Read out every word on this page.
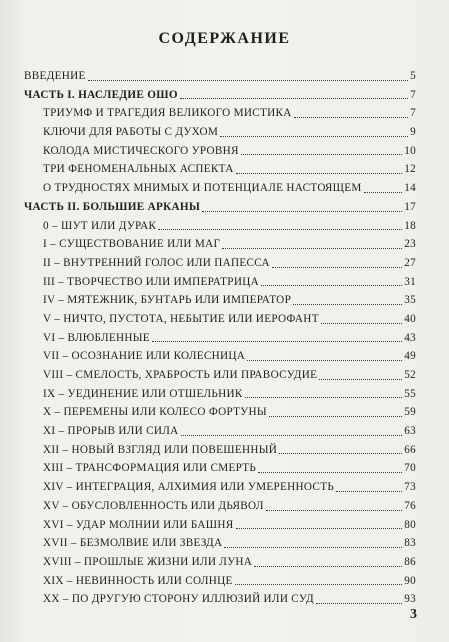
СОДЕРЖАНИЕ
ВВЕДЕНИЕ	5
ЧАСТЬ I. НАСЛЕДИЕ ОШО	7
ТРИУМФ И ТРАГЕДИЯ ВЕЛИКОГО МИСТИКА	7
КЛЮЧИ ДЛЯ РАБОТЫ С ДУХОМ	9
КОЛОДА МИСТИЧЕСКОГО УРОВНЯ	10
ТРИ ФЕНОМЕНАЛЬНЫХ АСПЕКТА	12
О ТРУДНОСТЯХ МНИМЫХ И ПОТЕНЦИАЛЕ НАСТОЯЩЕМ	14
ЧАСТЬ II. БОЛЬШИЕ АРКАНЫ	17
0 – ШУТ ИЛИ ДУРАК	18
I – СУЩЕСТВОВАНИЕ ИЛИ МАГ	23
II – ВНУТРЕННИЙ ГОЛОС ИЛИ ПАПЕССА	27
III – ТВОРЧЕСТВО ИЛИ ИМПЕРАТРИЦА	31
IV – МЯТЕЖНИК, БУНТАРЬ ИЛИ ИМПЕРАТОР	35
V – НИЧТО, ПУСТОТА, НЕБЫТИЕ ИЛИ ИЕРОФАНТ	40
VI – ВЛЮБЛЕННЫЕ	43
VII – ОСОЗНАНИЕ ИЛИ КОЛЕСНИЦА	49
VIII – СМЕЛОСТЬ, ХРАБРОСТЬ ИЛИ ПРАВОСУДИЕ	52
IX – УЕДИНЕНИЕ ИЛИ ОТШЕЛЬНИК	55
X – ПЕРЕМЕНЫ ИЛИ КОЛЕСО ФОРТУНЫ	59
XI – ПРОРЫВ ИЛИ СИЛА	63
XII – НОВЫЙ ВЗГЛЯД ИЛИ ПОВЕШЕННЫЙ	66
XIII – ТРАНСФОРМАЦИЯ ИЛИ СМЕРТЬ	70
XIV – ИНТЕГРАЦИЯ, АЛХИМИЯ ИЛИ УМЕРЕННОСТЬ	73
XV – ОБУСЛОВЛЕННОСТЬ ИЛИ ДЬЯВОЛ	76
XVI – УДАР МОЛНИИ ИЛИ БАШНЯ	80
XVII – БЕЗМОЛВИЕ ИЛИ ЗВЕЗДА	83
XVIII – ПРОШЛЫЕ ЖИЗНИ ИЛИ ЛУНА	86
XIX – НЕВИННОСТЬ ИЛИ СОЛНЦЕ	90
XX – ПО ДРУГУЮ СТОРОНУ ИЛЛЮЗИЙ ИЛИ СУД	93
3
